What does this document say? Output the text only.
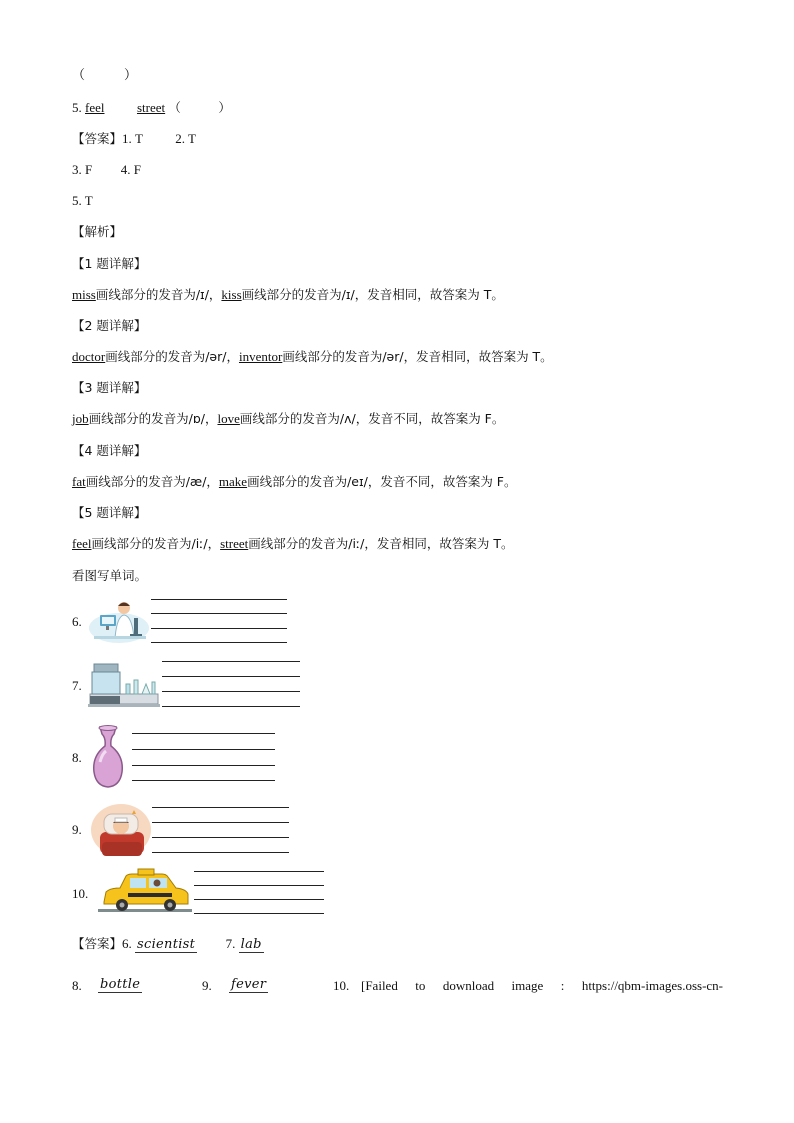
（　　　）
5. feel	street （　　　）
【答案】1. T	2. T
3. F 4. F
5. T
【解析】
【1 题详解】
miss画线部分的发音为/ɪ/，kiss画线部分的发音为/ɪ/，发音相同，故答案为 T。
【2 题详解】
doctor画线部分的发音为/ər/，inventor画线部分的发音为/ər/，发音相同，故答案为 T。
【3 题详解】
job画线部分的发音为/ɒ/，love画线部分的发音为/ʌ/，发音不同，故答案为 F。
【4 题详解】
fat画线部分的发音为/æ/，make画线部分的发音为/eɪ/，发音不同，故答案为 F。
【5 题详解】
feel画线部分的发音为/iː/，street画线部分的发音为/iː/，发音相同，故答案为 T。
看图写单词。
6.
7.
8.
9.
10.
【答案】6. scientist 7. lab
8. bottle	9. fever	10. [Failed to download image : https://qbm-images.oss-cn-
